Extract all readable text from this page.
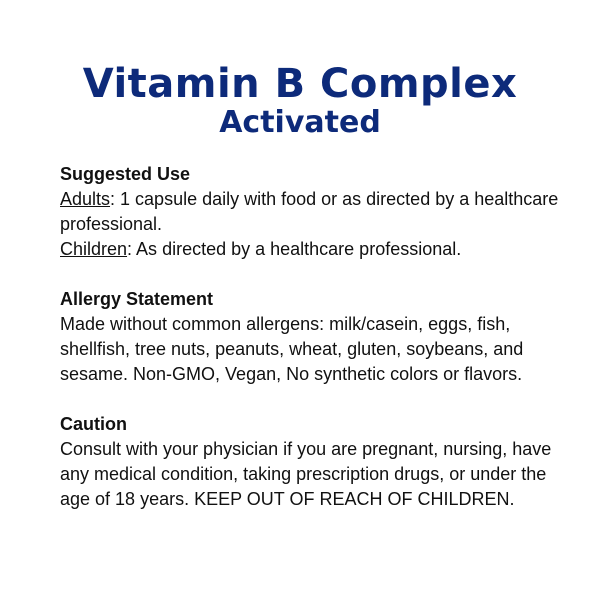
Vitamin B Complex
Activated
Suggested Use
Adults: 1 capsule daily with food or as directed by a healthcare professional.
Children: As directed by a healthcare professional.
Allergy Statement
Made without common allergens: milk/casein, eggs, fish, shellfish, tree nuts, peanuts, wheat, gluten, soybeans, and sesame. Non-GMO, Vegan, No synthetic colors or flavors.
Caution
Consult with your physician if you are pregnant, nursing, have any medical condition, taking prescription drugs, or under the age of 18 years. KEEP OUT OF REACH OF CHILDREN.
